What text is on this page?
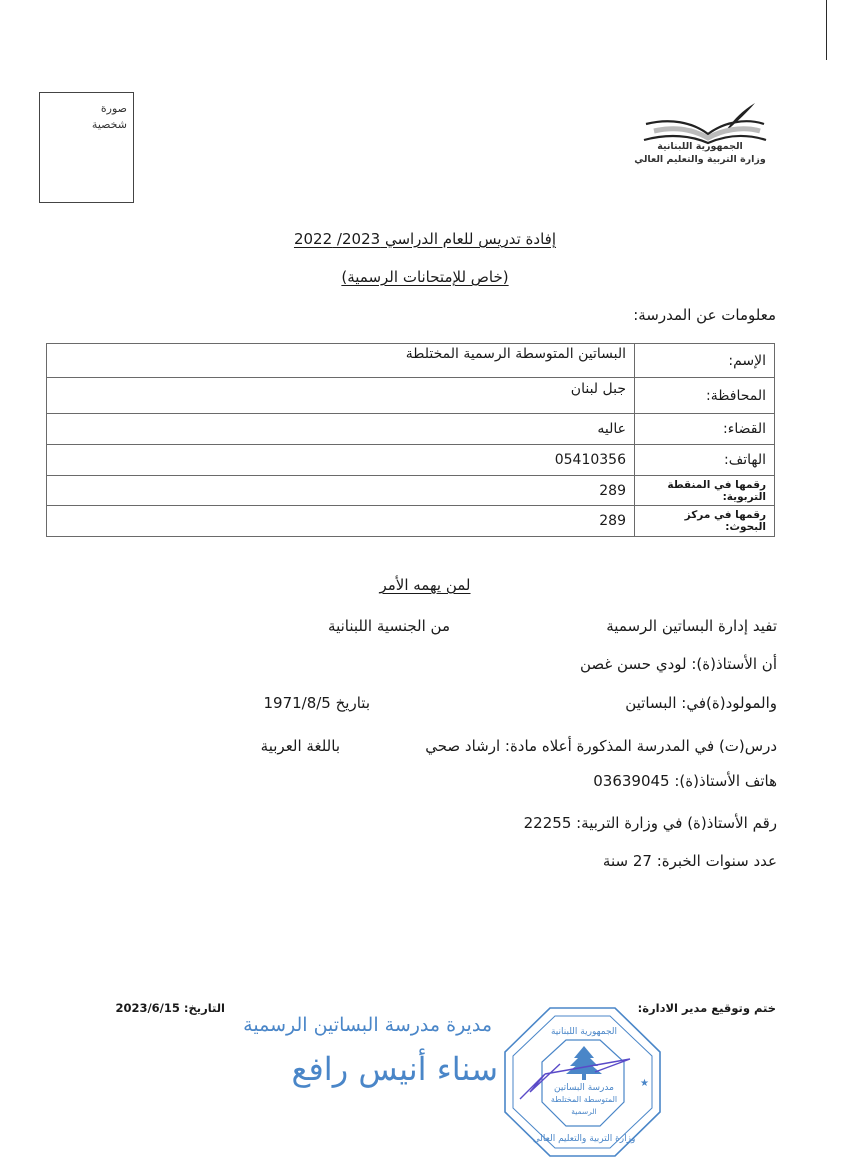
صورة
شخصية
الجمهورية اللبنانية
وزارة التربية والتعليم العالي
إفادة تدريس للعام الدراسي 2023/ 2022
(خاص للإمتحانات الرسمية)
معلومات عن المدرسة:
الإسم:	البساتين المتوسطة الرسمية المختلطة
المحافظة:	جبل لبنان
القضاء:	عاليه
الهاتف:	05410356
رقمها في المنقطة التربوية:	289
رقمها في مركز البحوث:	289
لمن يهمه الأمر
تفيد إدارة البساتين الرسمية
من الجنسية اللبنانية
أن الأستاذ(ة): لودي حسن غصن
والمولود(ة)في: البساتين
بتاريخ 1971/8/5
درس(ت) في المدرسة المذكورة أعلاه مادة: ارشاد صحي
باللغة العربية
هاتف الأستاذ(ة): 03639045
رقم الأستاذ(ة) في وزارة التربية: 22255
عدد سنوات الخبرة: 27 سنة
ختم وتوقيع مدير الادارة:
التاريخ: 2023/6/15
مديرة مدرسة البساتين الرسمية
سناء أنيس رافع	مدرسة البساتين
المتوسطة المختلطة
الرسمية
الجمهورية اللبنانية
وزارة التربية والتعليم العالي
★
